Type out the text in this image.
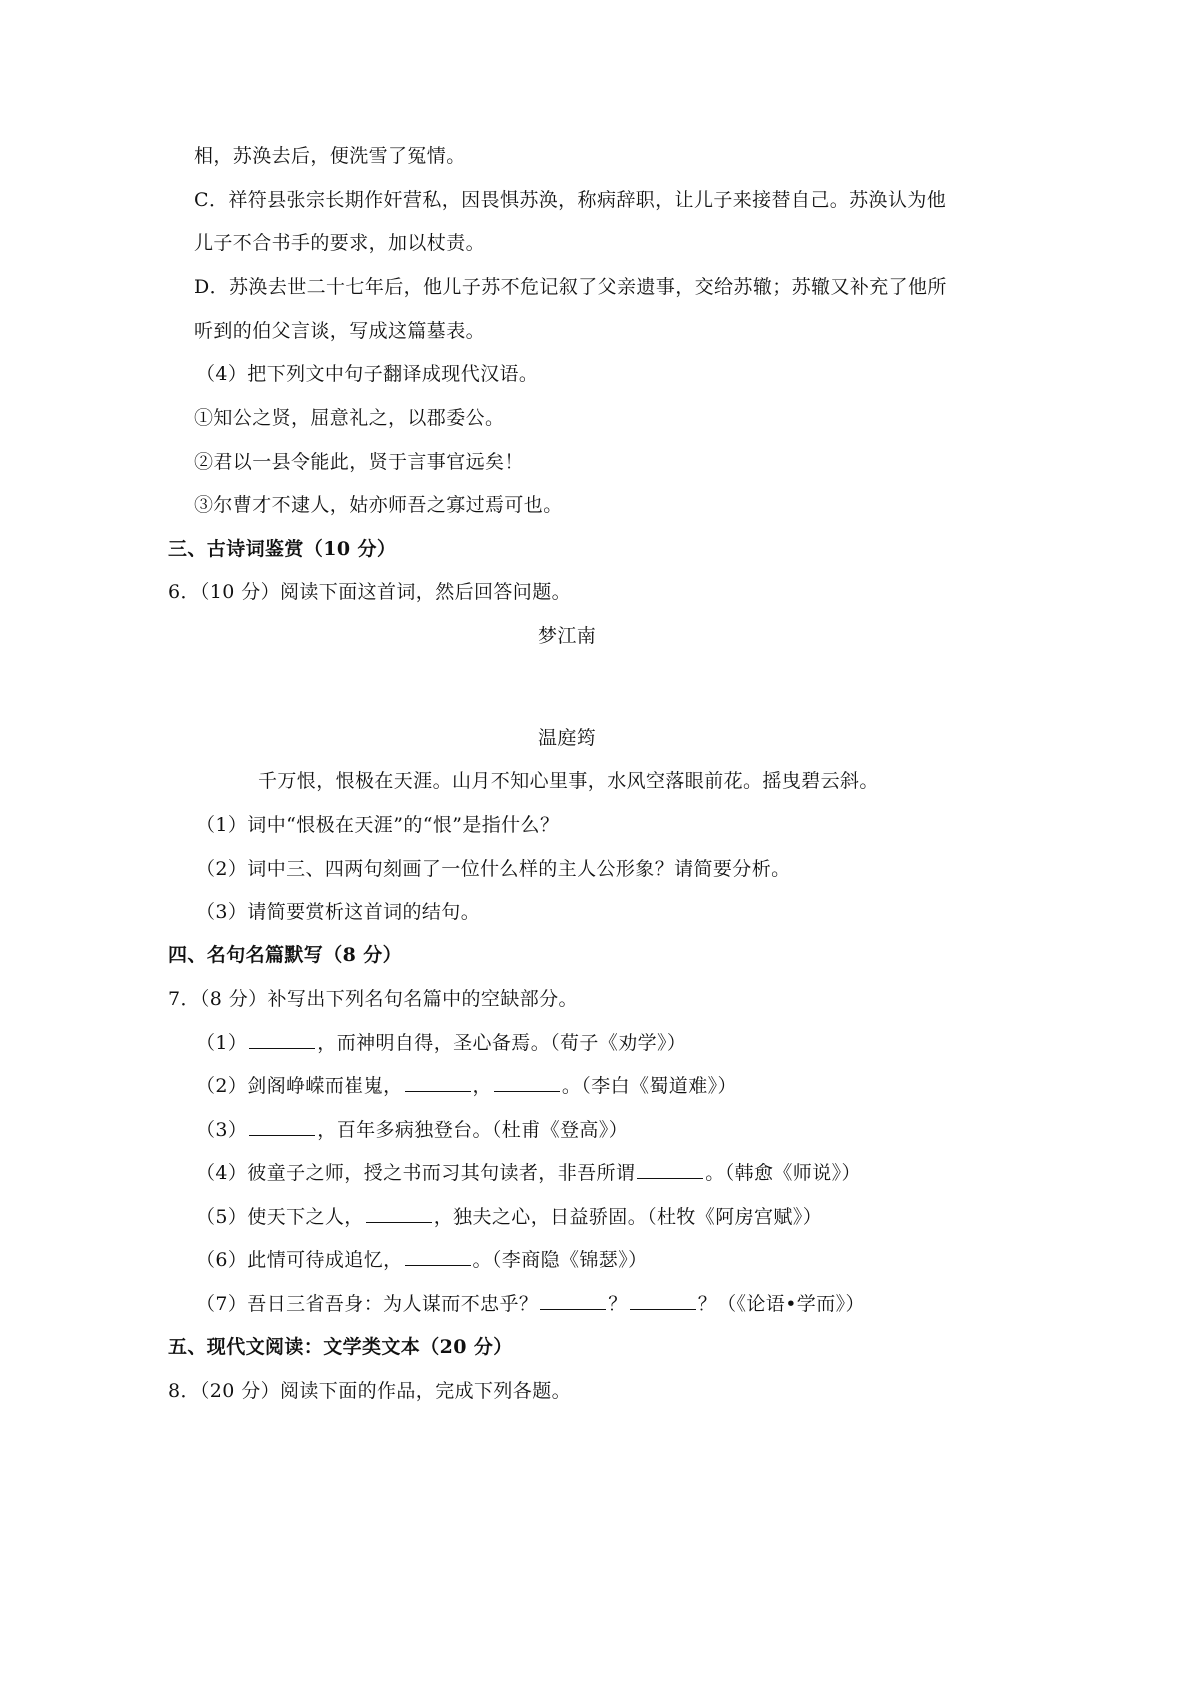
相，苏涣去后，便洗雪了冤情。
C．祥符县张宗长期作奸营私，因畏惧苏涣，称病辞职，让儿子来接替自己。苏涣认为他
儿子不合书手的要求，加以杖责。
D．苏涣去世二十七年后，他儿子苏不危记叙了父亲遗事，交给苏辙；苏辙又补充了他所
听到的伯父言谈，写成这篇墓表。
（4）把下列文中句子翻译成现代汉语。
①知公之贤，屈意礼之，以郡委公。
②君以一县令能此，贤于言事官远矣！
③尔曹才不逮人，姑亦师吾之寡过焉可也。
三、古诗词鉴赏（10 分）
6．（10 分）阅读下面这首词，然后回答问题。
梦江南
温庭筠
千万恨，恨极在天涯。山月不知心里事，水风空落眼前花。摇曳碧云斜。
（1）词中“恨极在天涯”的“恨”是指什么？
（2）词中三、四两句刻画了一位什么样的主人公形象？请简要分析。
（3）请简要赏析这首词的结句。
四、名句名篇默写（8 分）
7．（8 分）补写出下列名句名篇中的空缺部分。
（1）	，而神明自得，圣心备焉。（荀子《劝学》）
（2）剑阁峥嵘而崔嵬，	，	。（李白《蜀道难》）
（3）	，百年多病独登台。（杜甫《登高》）
（4）彼童子之师，授之书而习其句读者，非吾所谓	。（韩愈《师说》）
（5）使天下之人，	，独夫之心，日益骄固。（杜牧《阿房宫赋》）
（6）此情可待成追忆，	。（李商隐《锦瑟》）
（7）吾日三省吾身：为人谋而不忠乎？	？	？（《论语•学而》）
五、现代文阅读：文学类文本（20 分）
8．（20 分）阅读下面的作品，完成下列各题。
